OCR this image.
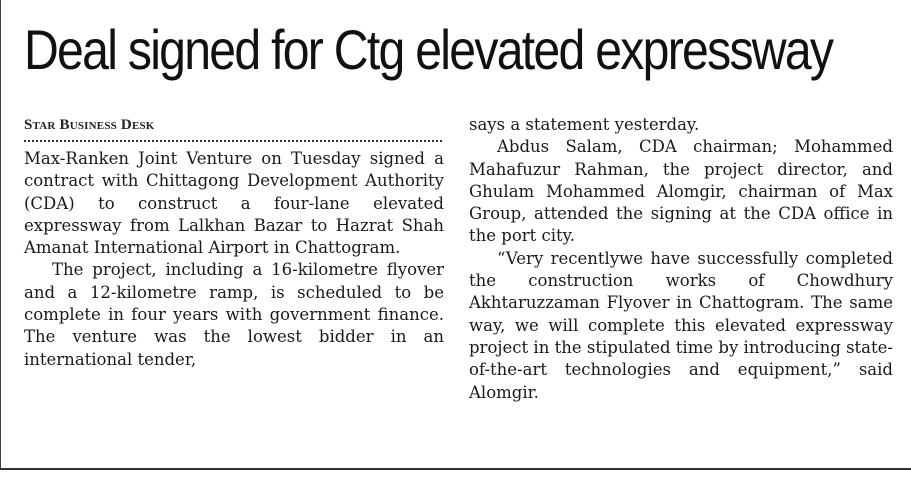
Deal signed for Ctg elevated expressway

Star Business Desk

Max-Ranken Joint Venture on Tuesday signed a contract with Chittagong Development Authority (CDA) to construct a four-lane elevated expressway from Lalkhan Bazar to Hazrat Shah Amanat International Airport in Chattogram.

The project, including a 16-kilometre flyover and a 12-kilometre ramp, is scheduled to be complete in four years with government finance. The venture was the lowest bidder in an international tender,

says a statement yesterday.

Abdus Salam, CDA chairman; Mohammed Mahafuzur Rahman, the project director, and Ghulam Mohammed Alomgir, chairman of Max Group, attended the signing at the CDA office in the port city.

“Very recentlywe have successfully completed the construction works of Chowdhury Akhtaruzzaman Flyover in Chattogram. The same way, we will complete this elevated expressway project in the stipulated time by introducing state-of-the-art technologies and equipment,” said Alomgir.
